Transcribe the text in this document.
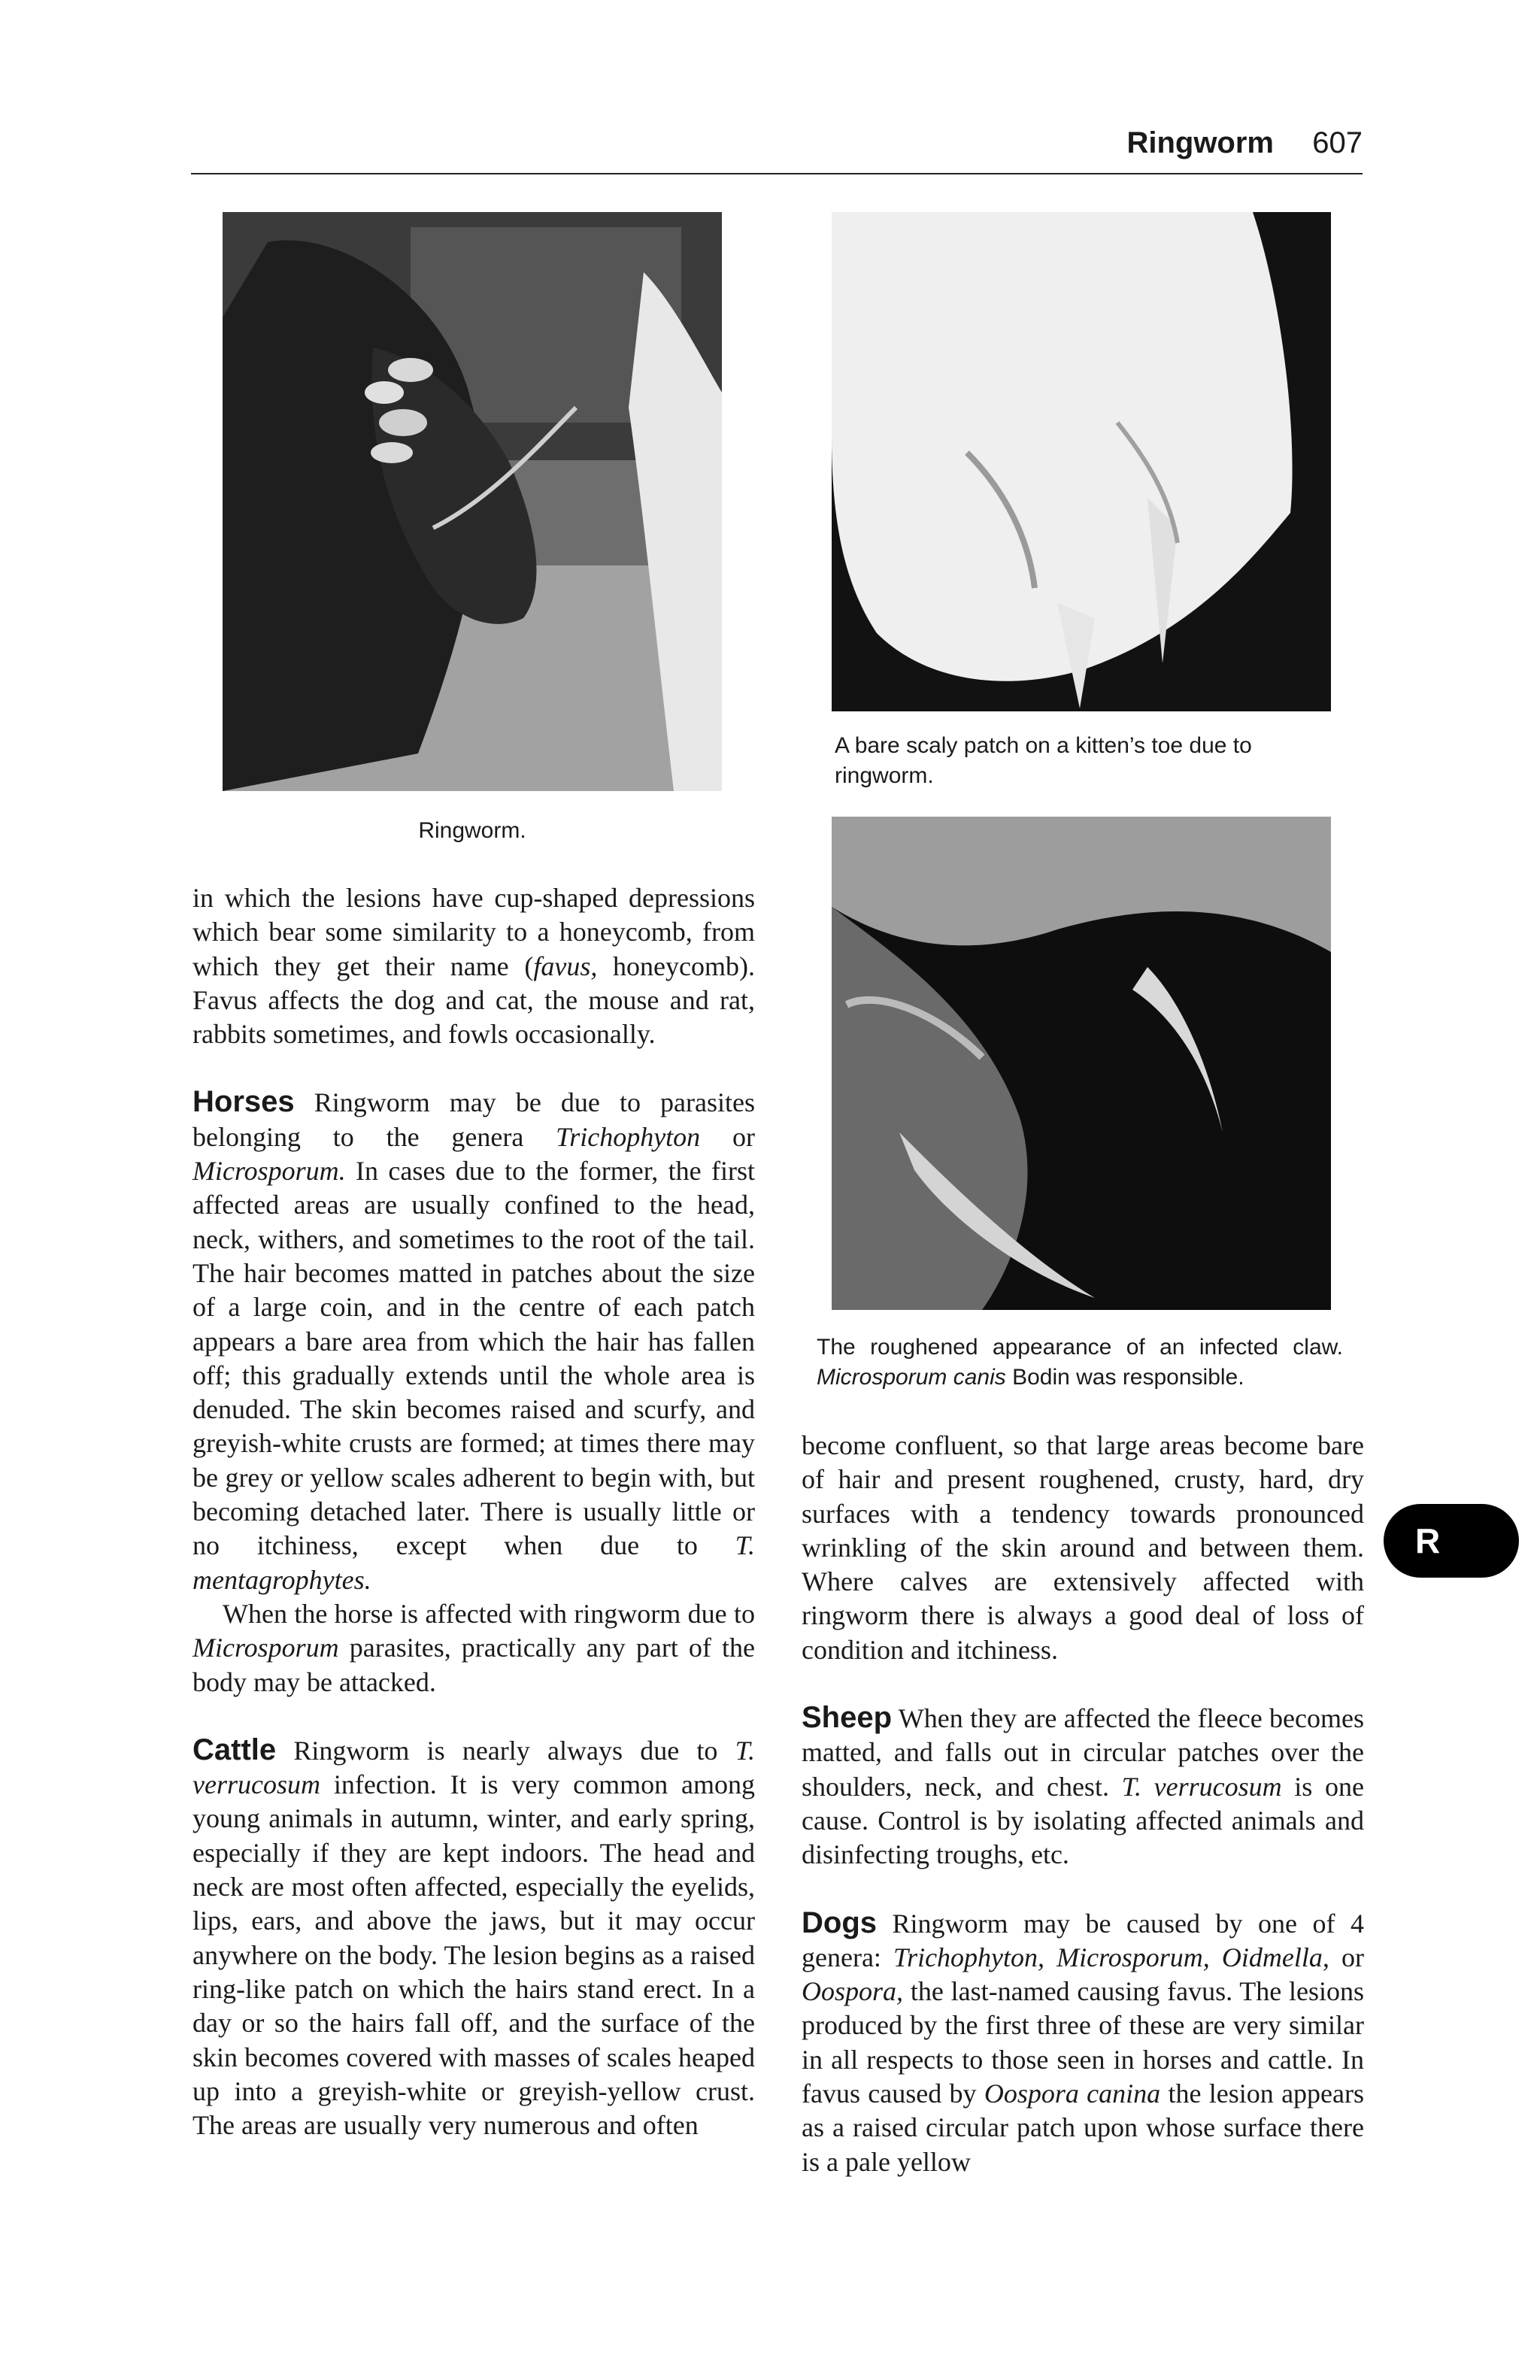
Ringworm 607
Ringworm.
A bare scaly patch on a kitten’s toe due to ringworm.
The roughened appearance of an infected claw. Microsporum canis Bodin was responsible.

in which the lesions have cup-shaped depressions which bear some similarity to a honeycomb, from which they get their name (favus, honeycomb). Favus affects the dog and cat, the mouse and rat, rabbits sometimes, and fowls occasionally.

Horses Ringworm may be due to parasites belonging to the genera Trichophyton or Microsporum. In cases due to the former, the first affected areas are usually confined to the head, neck, withers, and sometimes to the root of the tail. The hair becomes matted in patches about the size of a large coin, and in the centre of each patch appears a bare area from which the hair has fallen off; this gradually extends until the whole area is denuded. The skin becomes raised and scurfy, and greyish-white crusts are formed; at times there may be grey or yellow scales adherent to begin with, but becoming detached later. There is usually little or no itchiness, except when due to T. mentagrophytes.

When the horse is affected with ringworm due to Microsporum parasites, practically any part of the body may be attacked.

Cattle Ringworm is nearly always due to T. verrucosum infection. It is very common among young animals in autumn, winter, and early spring, especially if they are kept indoors. The head and neck are most often affected, especially the eyelids, lips, ears, and above the jaws, but it may occur anywhere on the body. The lesion begins as a raised ring-like patch on which the hairs stand erect. In a day or so the hairs fall off, and the surface of the skin becomes covered with masses of scales heaped up into a greyish-white or greyish-yellow crust. The areas are usually very numerous and often

become confluent, so that large areas become bare of hair and present roughened, crusty, hard, dry surfaces with a tendency towards pronounced wrinkling of the skin around and between them. Where calves are extensively affected with ringworm there is always a good deal of loss of condition and itchiness.

Sheep When they are affected the fleece becomes matted, and falls out in circular patches over the shoulders, neck, and chest. T. verrucosum is one cause. Control is by isolating affected animals and disinfecting troughs, etc.

Dogs Ringworm may be caused by one of 4 genera: Trichophyton, Microsporum, Oidmella, or Oospora, the last-named causing favus. The lesions produced by the first three of these are very similar in all respects to those seen in horses and cattle. In favus caused by Oospora canina the lesion appears as a raised circular patch upon whose surface there is a pale yellow

R
